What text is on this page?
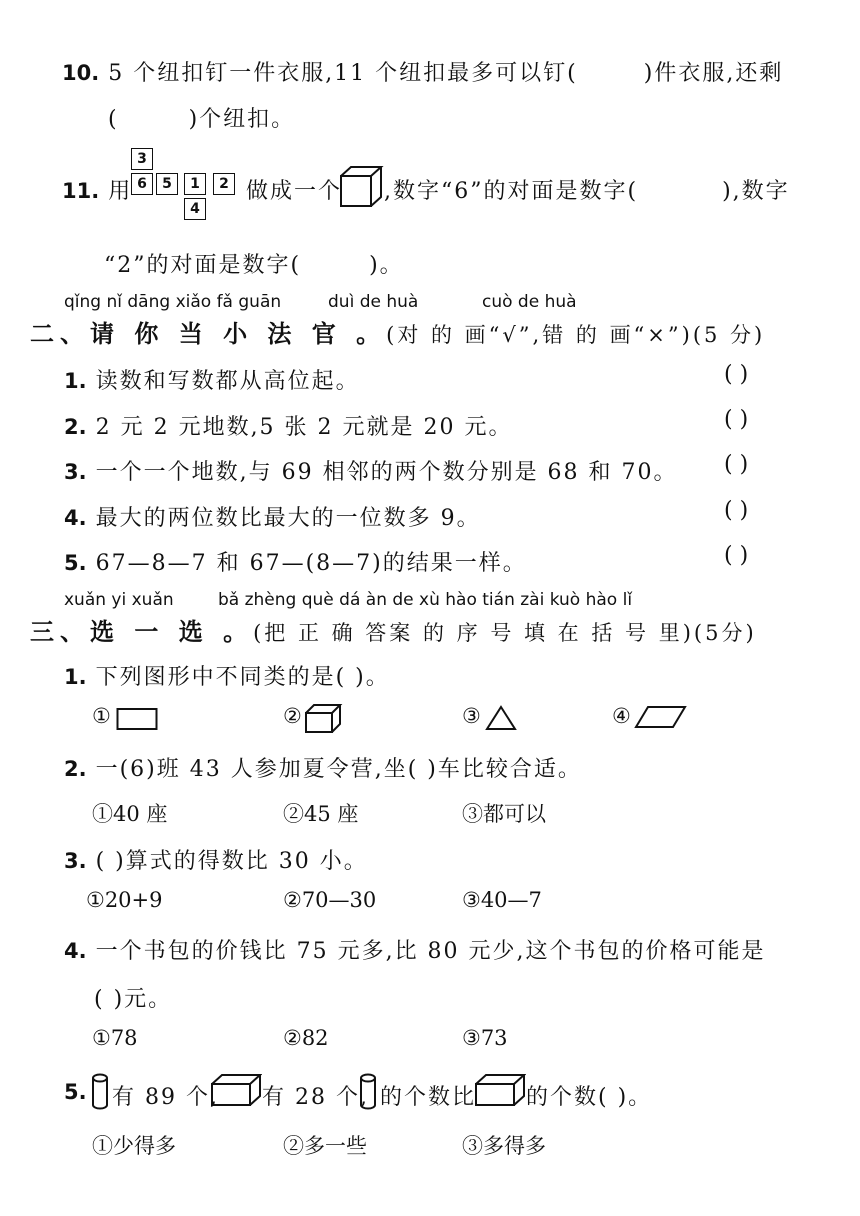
10. 5 个纽扣钉一件衣服,11 个纽扣最多可以钉(	)件衣服,还剩
(	)个纽扣。
11. 用
3
6	5	1	2
4
做成一个 ,数字“6”的对面是数字(	),数字
“2”的对面是数字(	)。
qǐng nǐ dāng xiǎo fǎ guān	duì de huà	cuò de huà
二、请 你 当 小 法 官 。(对 的 画“√”,错 的 画“×”)(5 分)
1. 读数和写数都从高位起。	( )
2. 2 元 2 元地数,5 张 2 元就是 20 元。	( )
3. 一个一个地数,与 69 相邻的两个数分别是 68 和 70。 ( )
4. 最大的两位数比最大的一位数多 9。	( )
5. 67—8—7 和 67—(8—7)的结果一样。	( )
xuǎn yi xuǎn	bǎ zhèng què dá àn de xù hào tián zài kuò hào lǐ
三、选 一 选 。(把 正 确 答案 的 序 号 填 在 括 号 里)(5分)
1. 下列图形中不同类的是( )。
①	②	③	④
2. 一(6)班 43 人参加夏令营,坐( )车比较合适。
①40 座	②45 座	③都可以
3. ( )算式的得数比 30 小。
①20+9	②70—30	③40—7
4. 一个书包的价钱比 75 元多,比 80 元少,这个书包的价格可能是
( )元。
①78	②82	③73
5. 有 89 个, 有 28 个, 的个数比 的个数( )。
①少得多	②多一些	③多得多
